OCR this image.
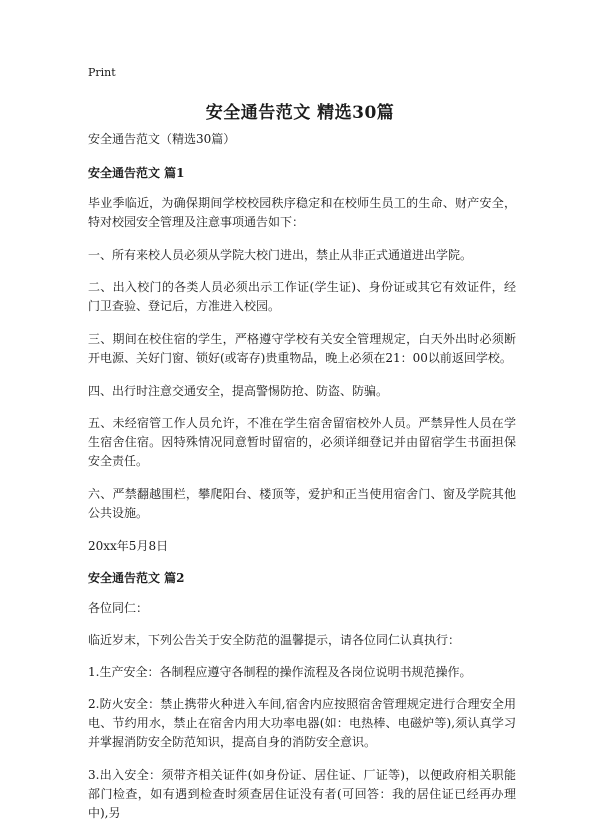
Print
安全通告范文 精选30篇
安全通告范文（精选30篇）
安全通告范文 篇1

毕业季临近，为确保期间学校校园秩序稳定和在校师生员工的生命、财产安全，特对校园安全管理及注意事项通告如下：

一、所有来校人员必须从学院大校门进出，禁止从非正式通道进出学院。

二、出入校门的各类人员必须出示工作证(学生证)、身份证或其它有效证件，经门卫查验、登记后，方准进入校园。

三、期间在校住宿的学生，严格遵守学校有关安全管理规定，白天外出时必须断开电源、关好门窗、锁好(或寄存)贵重物品，晚上必须在21：00以前返回学校。

四、出行时注意交通安全，提高警惕防抢、防盗、防骗。

五、未经宿管工作人员允许，不准在学生宿舍留宿校外人员。严禁异性人员在学生宿舍住宿。因特殊情况同意暂时留宿的，必须详细登记并由留宿学生书面担保安全责任。

六、严禁翻越围栏，攀爬阳台、楼顶等，爱护和正当使用宿舍门、窗及学院其他公共设施。

20xx年5月8日

安全通告范文 篇2

各位同仁：

临近岁末，下列公告关于安全防范的温馨提示，请各位同仁认真执行：

1.生产安全：各制程应遵守各制程的操作流程及各岗位说明书规范操作。

2.防火安全：禁止携带火种进入车间,宿舍内应按照宿舍管理规定进行合理安全用电、节约用水，禁止在宿舍内用大功率电器(如：电热棒、电磁炉等),须认真学习并掌握消防安全防范知识，提高自身的消防安全意识。

3.出入安全：须带齐相关证件(如身份证、居住证、厂证等)，以便政府相关职能部门检查，如有遇到检查时须查居住证没有者(可回答：我的居住证已经再办理中),另
